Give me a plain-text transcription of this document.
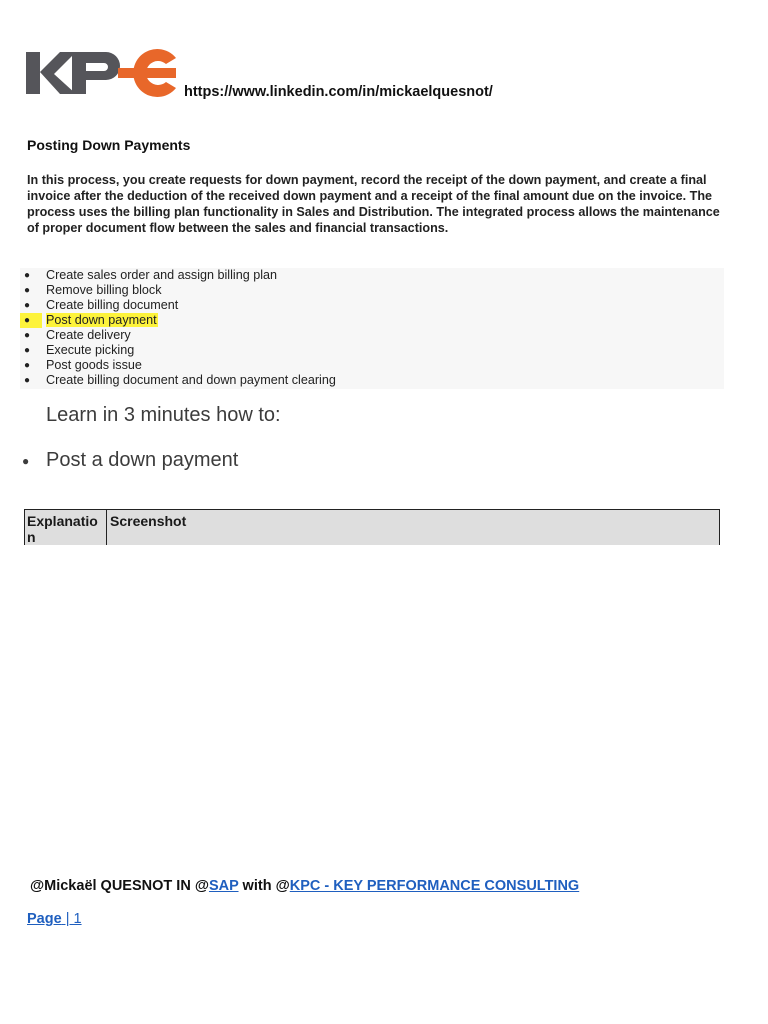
https://www.linkedin.com/in/mickaelquesnot/
Posting Down Payments
In this process, you create requests for down payment, record the receipt of the down payment, and create a final invoice after the deduction of the received down payment and a receipt of the final amount due on the invoice. The process uses the billing plan functionality in Sales and Distribution. The integrated process allows the maintenance of proper document flow between the sales and financial transactions.
● Create sales order and assign billing plan
● Remove billing block
● Create billing document
● Post down payment
● Create delivery
● Execute picking
● Post goods issue
● Create billing document and down payment clearing
Learn in 3 minutes how to:
● Post a down payment
Explanation
Screenshot
@Mickaël QUESNOT IN @SAP with @KPC - KEY PERFORMANCE CONSULTING
Page | 1
